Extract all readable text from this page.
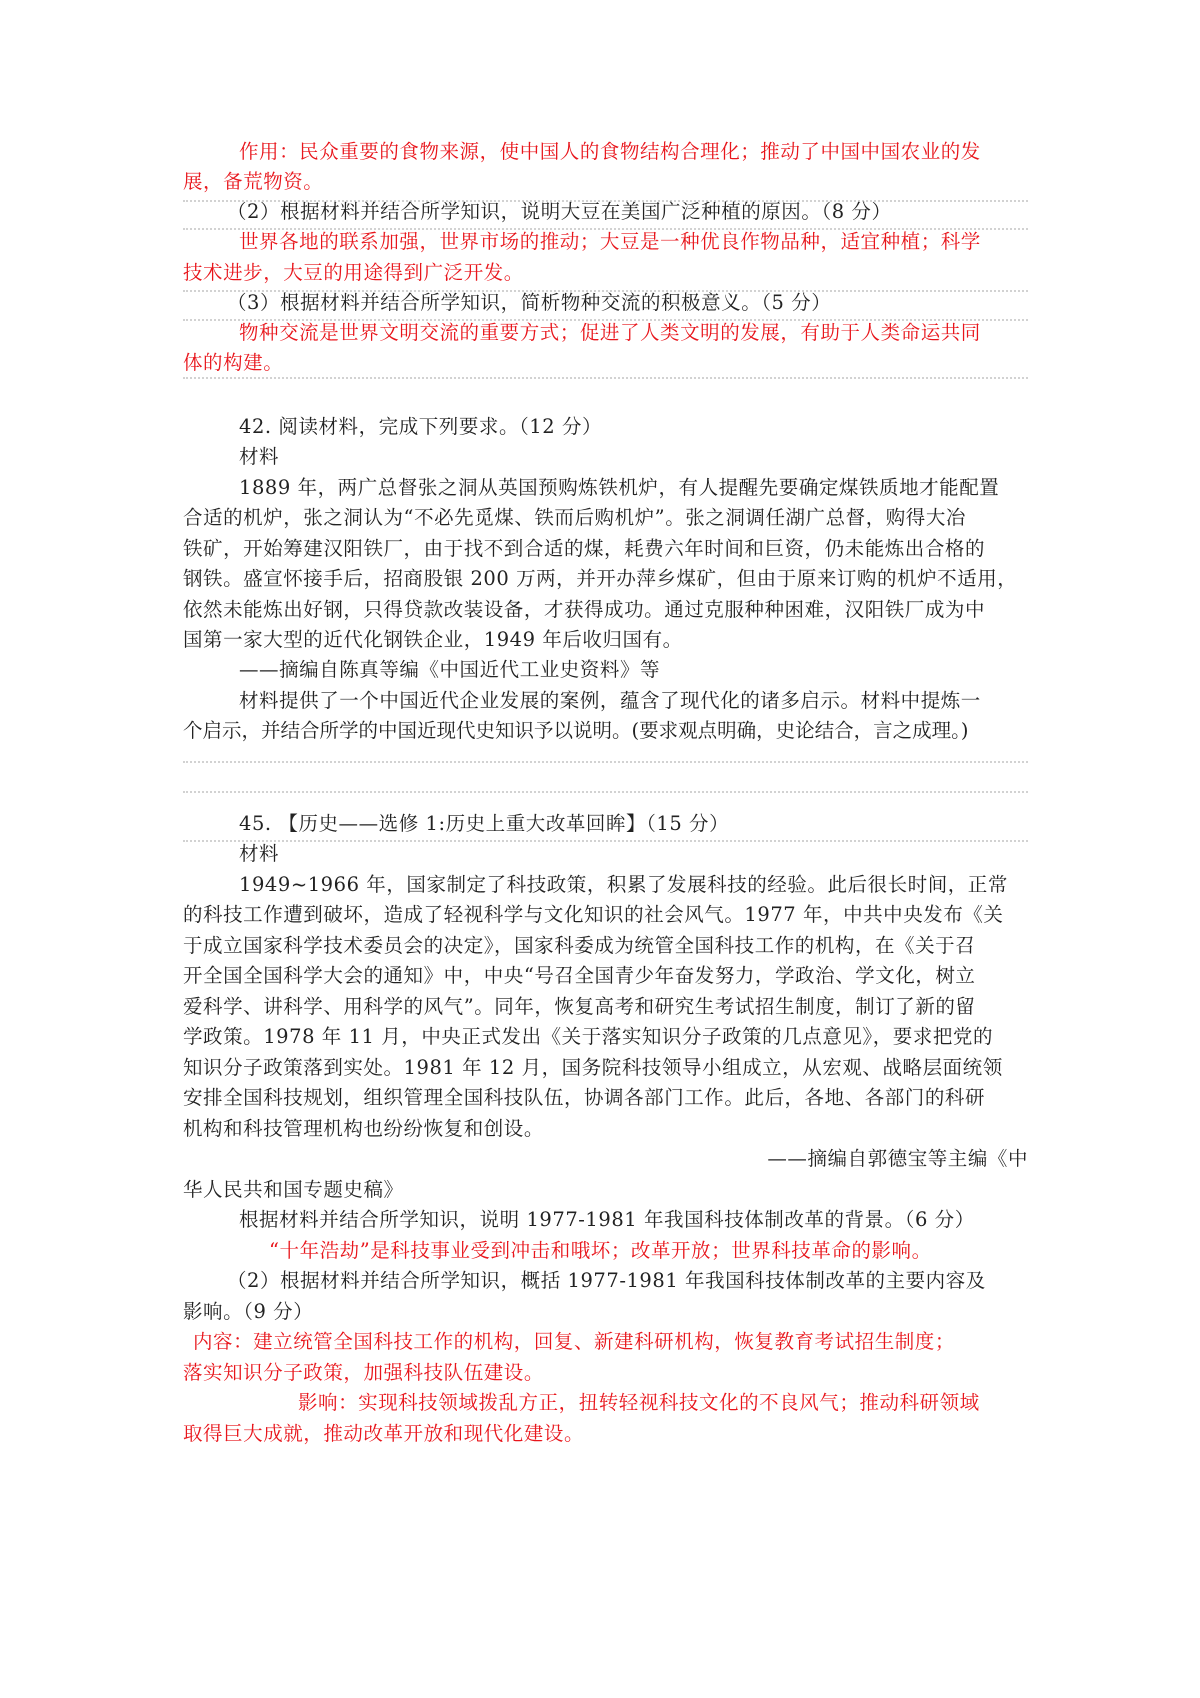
作用：民众重要的食物来源，使中国人的食物结构合理化；推动了中国中国农业的发
展，备荒物资。
（2）根据材料并结合所学知识，说明大豆在美国广泛种植的原因。（8 分）
世界各地的联系加强，世界市场的推动；大豆是一种优良作物品种，适宜种植；科学
技术进步，大豆的用途得到广泛开发。
（3）根据材料并结合所学知识，简析物种交流的积极意义。（5 分）
物种交流是世界文明交流的重要方式；促进了人类文明的发展，有助于人类命运共同
体的构建。
42. 阅读材料，完成下列要求。（12 分）
材料
1889 年，两广总督张之洞从英国预购炼铁机炉，有人提醒先要确定煤铁质地才能配置
合适的机炉，张之洞认为“不必先觅煤、铁而后购机炉”。张之洞调任湖广总督，购得大冶
铁矿，开始筹建汉阳铁厂，由于找不到合适的煤，耗费六年时间和巨资，仍未能炼出合格的
钢铁。盛宣怀接手后，招商股银 200 万两，并开办萍乡煤矿，但由于原来订购的机炉不适用，
依然未能炼出好钢，只得贷款改装设备，才获得成功。通过克服种种困难，汉阳铁厂成为中
国第一家大型的近代化钢铁企业，1949 年后收归国有。
——摘编自陈真等编《中国近代工业史资料》等
材料提供了一个中国近代企业发展的案例，蕴含了现代化的诸多启示。材料中提炼一
个启示，并结合所学的中国近现代史知识予以说明。(要求观点明确，史论结合，言之成理。)
45. 【历史——选修 1:历史上重大改革回眸】（15 分）
材料
1949~1966 年，国家制定了科技政策，积累了发展科技的经验。此后很长时间，正常
的科技工作遭到破坏，造成了轻视科学与文化知识的社会风气。1977 年，中共中央发布《关
于成立国家科学技术委员会的决定》，国家科委成为统管全国科技工作的机构，在《关于召
开全国全国科学大会的通知》中，中央“号召全国青少年奋发努力，学政治、学文化，树立
爱科学、讲科学、用科学的风气”。同年，恢复高考和研究生考试招生制度，制订了新的留
学政策。1978 年 11 月，中央正式发出《关于落实知识分子政策的几点意见》，要求把党的
知识分子政策落到实处。1981 年 12 月，国务院科技领导小组成立，从宏观、战略层面统领
安排全国科技规划，组织管理全国科技队伍，协调各部门工作。此后，各地、各部门的科研
机构和科技管理机构也纷纷恢复和创设。
——摘编自郭德宝等主编《中
华人民共和国专题史稿》
根据材料并结合所学知识，说明 1977-1981 年我国科技体制改革的背景。（6 分）
“十年浩劫”是科技事业受到冲击和哦坏；改革开放；世界科技革命的影响。
（2）根据材料并结合所学知识，概括 1977-1981 年我国科技体制改革的主要内容及
影响。（9 分）
内容：建立统管全国科技工作的机构，回复、新建科研机构，恢复教育考试招生制度；
落实知识分子政策，加强科技队伍建设。
影响：实现科技领域拨乱方正，扭转轻视科技文化的不良风气；推动科研领域
取得巨大成就，推动改革开放和现代化建设。
